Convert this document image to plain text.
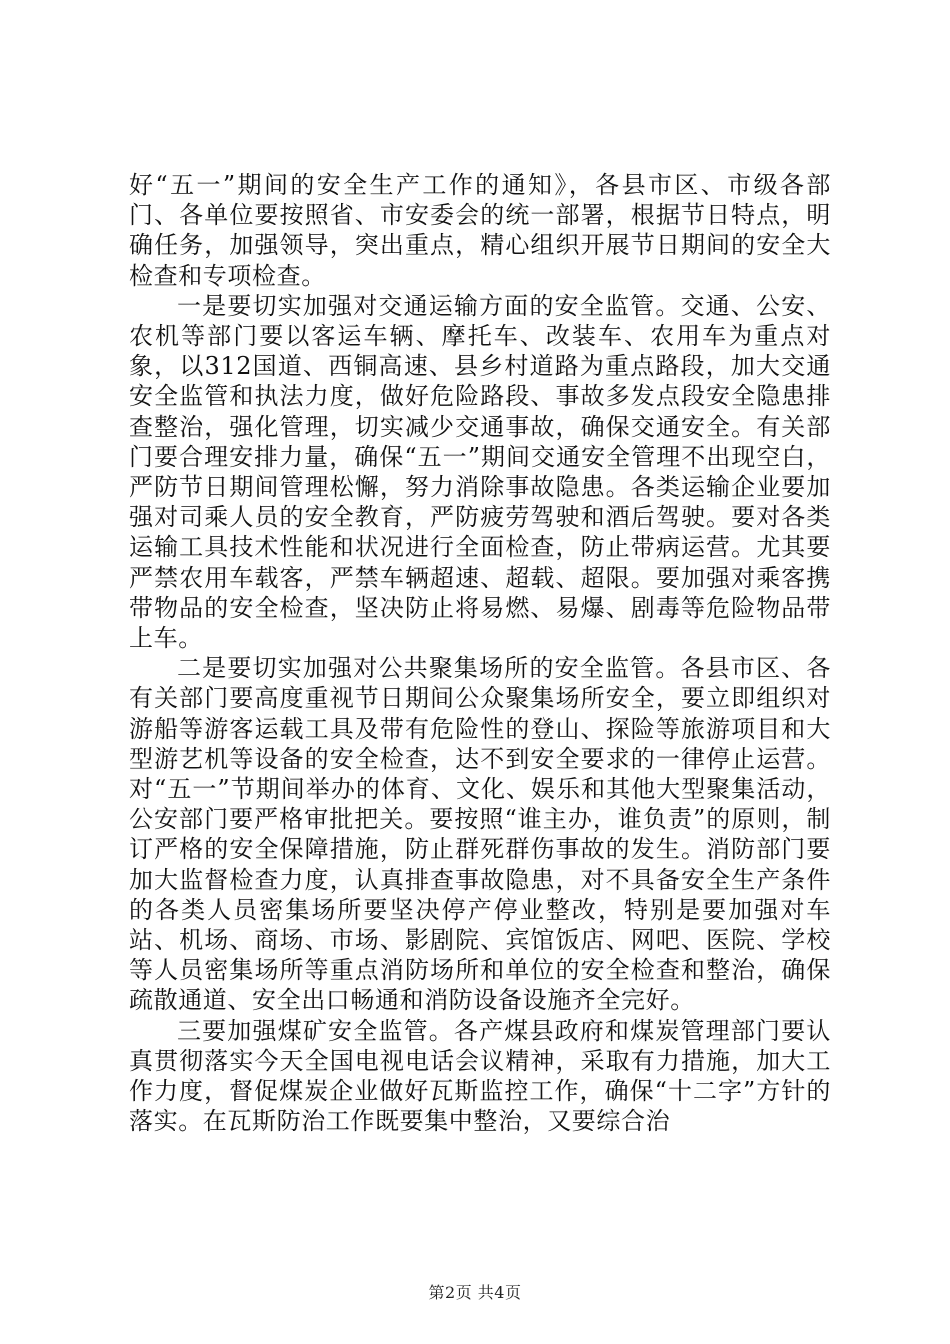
好“五一”期间的安全生产工作的通知》，各县市区、市级各部门、各单位要按照省、市安委会的统一部署，根据节日特点，明确任务，加强领导，突出重点，精心组织开展节日期间的安全大检查和专项检查。

一是要切实加强对交通运输方面的安全监管。交通、公安、农机等部门要以客运车辆、摩托车、改装车、农用车为重点对象，以312国道、西铜高速、县乡村道路为重点路段，加大交通安全监管和执法力度，做好危险路段、事故多发点段安全隐患排查整治，强化管理，切实减少交通事故，确保交通安全。有关部门要合理安排力量，确保“五一”期间交通安全管理不出现空白，严防节日期间管理松懈，努力消除事故隐患。各类运输企业要加强对司乘人员的安全教育，严防疲劳驾驶和酒后驾驶。要对各类运输工具技术性能和状况进行全面检查，防止带病运营。尤其要严禁农用车载客，严禁车辆超速、超载、超限。要加强对乘客携带物品的安全检查，坚决防止将易燃、易爆、剧毒等危险物品带上车。

二是要切实加强对公共聚集场所的安全监管。各县市区、各有关部门要高度重视节日期间公众聚集场所安全，要立即组织对游船等游客运载工具及带有危险性的登山、探险等旅游项目和大型游艺机等设备的安全检查，达不到安全要求的一律停止运营。对“五一”节期间举办的体育、文化、娱乐和其他大型聚集活动，公安部门要严格审批把关。要按照“谁主办，谁负责”的原则，制订严格的安全保障措施，防止群死群伤事故的发生。消防部门要加大监督检查力度，认真排查事故隐患，对不具备安全生产条件的各类人员密集场所要坚决停产停业整改，特别是要加强对车站、机场、商场、市场、影剧院、宾馆饭店、网吧、医院、学校等人员密集场所等重点消防场所和单位的安全检查和整治，确保疏散通道、安全出口畅通和消防设备设施齐全完好。

三要加强煤矿安全监管。各产煤县政府和煤炭管理部门要认真贯彻落实今天全国电视电话会议精神，采取有力措施，加大工作力度，督促煤炭企业做好瓦斯监控工作，确保“十二字”方针的落实。在瓦斯防治工作既要集中整治，又要综合治

第2页 共4页
